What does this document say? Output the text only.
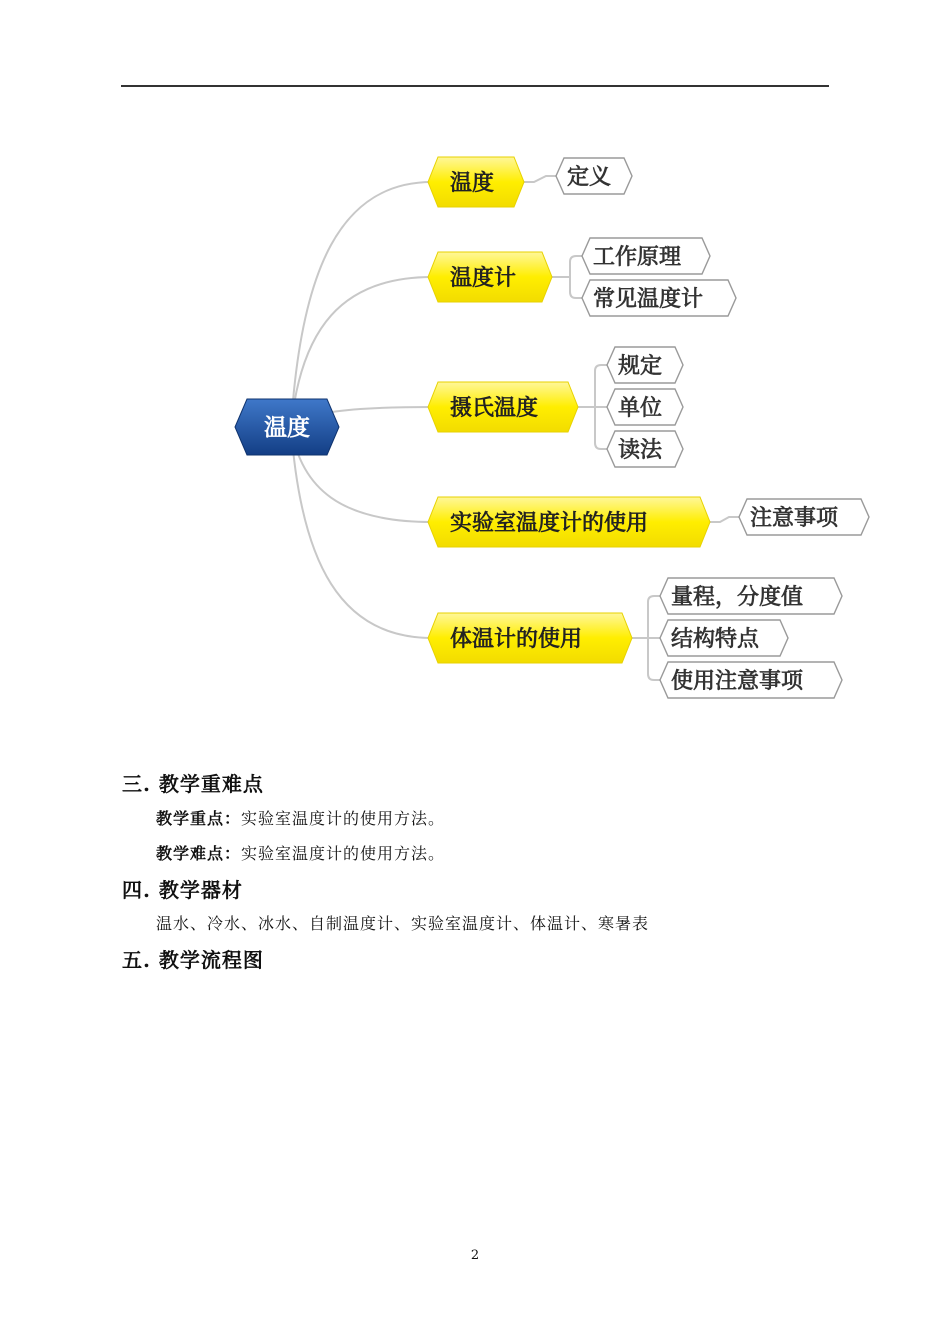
温度
温度	定义
温度计
工作原理
常见温度计
摄氏温度
规定
单位
读法
实验室温度计的使用	注意事项
体温计的使用
量程，分度值
结构特点
使用注意事项
三. 教学重难点
教学重点：实验室温度计的使用方法。
教学难点：实验室温度计的使用方法。
四. 教学器材
温水、冷水、冰水、自制温度计、实验室温度计、体温计、寒暑表
五. 教学流程图
2
